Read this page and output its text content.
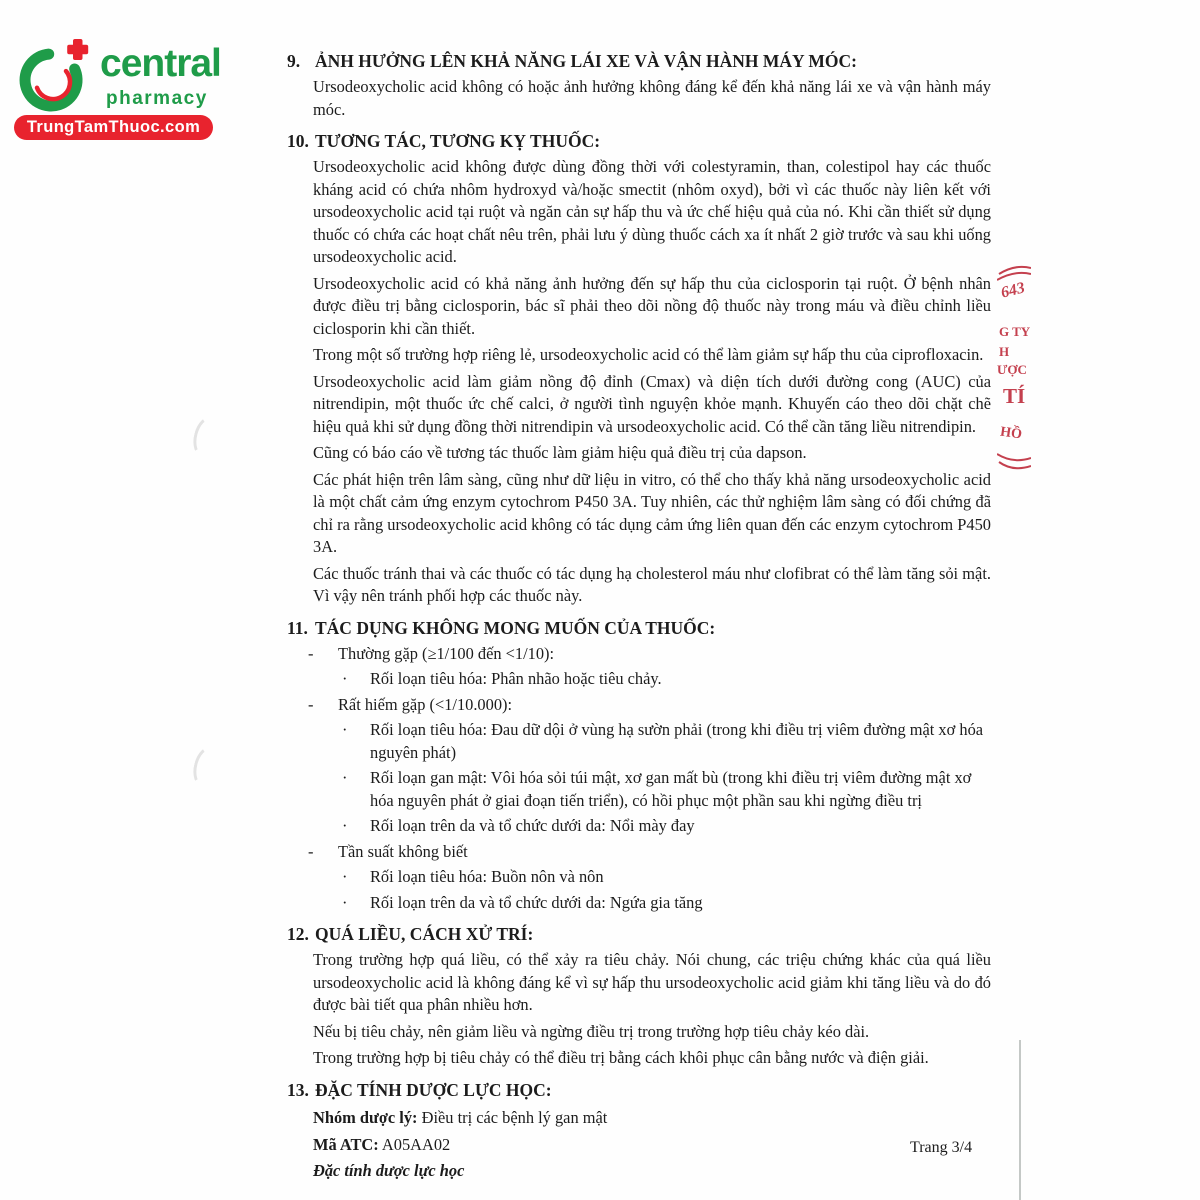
central
pharmacy
TrungTamThuoc.com
9. ẢNH HƯỞNG LÊN KHẢ NĂNG LÁI XE VÀ VẬN HÀNH MÁY MÓC:

Ursodeoxycholic acid không có hoặc ảnh hưởng không đáng kể đến khả năng lái xe và vận hành máy móc.

10. TƯƠNG TÁC, TƯƠNG KỴ THUỐC:

Ursodeoxycholic acid không được dùng đồng thời với colestyramin, than, colestipol hay các thuốc kháng acid có chứa nhôm hydroxyd và/hoặc smectit (nhôm oxyd), bởi vì các thuốc này liên kết với ursodeoxycholic acid tại ruột và ngăn cản sự hấp thu và ức chế hiệu quả của nó. Khi cần thiết sử dụng thuốc có chứa các hoạt chất nêu trên, phải lưu ý dùng thuốc cách xa ít nhất 2 giờ trước và sau khi uống ursodeoxycholic acid.

Ursodeoxycholic acid có khả năng ảnh hưởng đến sự hấp thu của ciclosporin tại ruột. Ở bệnh nhân được điều trị bằng ciclosporin, bác sĩ phải theo dõi nồng độ thuốc này trong máu và điều chỉnh liều ciclosporin khi cần thiết.

Trong một số trường hợp riêng lẻ, ursodeoxycholic acid có thể làm giảm sự hấp thu của ciprofloxacin.

Ursodeoxycholic acid làm giảm nồng độ đỉnh (Cmax) và diện tích dưới đường cong (AUC) của nitrendipin, một thuốc ức chế calci, ở người tình nguyện khỏe mạnh. Khuyến cáo theo dõi chặt chẽ hiệu quả khi sử dụng đồng thời nitrendipin và ursodeoxycholic acid. Có thể cần tăng liều nitrendipin.

Cũng có báo cáo về tương tác thuốc làm giảm hiệu quả điều trị của dapson.

Các phát hiện trên lâm sàng, cũng như dữ liệu in vitro, có thể cho thấy khả năng ursodeoxycholic acid là một chất cảm ứng enzym cytochrom P450 3A. Tuy nhiên, các thử nghiệm lâm sàng có đối chứng đã chỉ ra rằng ursodeoxycholic acid không có tác dụng cảm ứng liên quan đến các enzym cytochrom P450 3A.

Các thuốc tránh thai và các thuốc có tác dụng hạ cholesterol máu như clofibrat có thể làm tăng sỏi mật. Vì vậy nên tránh phối hợp các thuốc này.

11. TÁC DỤNG KHÔNG MONG MUỐN CỦA THUỐC:
- Thường gặp (≥1/100 đến <1/10):
· Rối loạn tiêu hóa: Phân nhão hoặc tiêu chảy.
- Rất hiếm gặp (<1/10.000):
· Rối loạn tiêu hóa: Đau dữ dội ở vùng hạ sườn phải (trong khi điều trị viêm đường mật xơ hóa nguyên phát)
· Rối loạn gan mật: Vôi hóa sỏi túi mật, xơ gan mất bù (trong khi điều trị viêm đường mật xơ hóa nguyên phát ở giai đoạn tiến triển), có hồi phục một phần sau khi ngừng điều trị
· Rối loạn trên da và tổ chức dưới da: Nổi mày đay
- Tần suất không biết
· Rối loạn tiêu hóa: Buồn nôn và nôn
· Rối loạn trên da và tổ chức dưới da: Ngứa gia tăng
12. QUÁ LIỀU, CÁCH XỬ TRÍ:

Trong trường hợp quá liều, có thể xảy ra tiêu chảy. Nói chung, các triệu chứng khác của quá liều ursodeoxycholic acid là không đáng kể vì sự hấp thu ursodeoxycholic acid giảm khi tăng liều và do đó được bài tiết qua phân nhiều hơn.

Nếu bị tiêu chảy, nên giảm liều và ngừng điều trị trong trường hợp tiêu chảy kéo dài.

Trong trường hợp bị tiêu chảy có thể điều trị bằng cách khôi phục cân bằng nước và điện giải.

13. ĐẶC TÍNH DƯỢC LỰC HỌC:

Nhóm dược lý: Điều trị các bệnh lý gan mật

Mã ATC: A05AA02

Đặc tính dược lực học

643
G TY
H
ƯỢC
TÍ
HỒ
Trang 3/4
